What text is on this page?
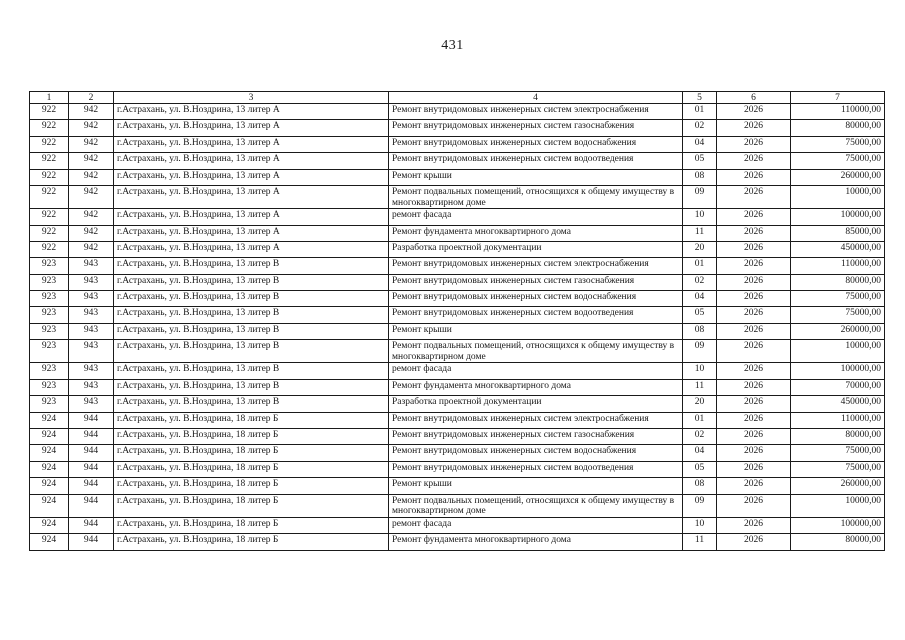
431
1	2	3	4	5	6	7
922	942	г.Астрахань, ул. В.Ноздрина, 13 литер А	Ремонт внутридомовых инженерных систем электроснабжения	01	2026	110000,00
922	942	г.Астрахань, ул. В.Ноздрина, 13 литер А	Ремонт внутридомовых инженерных систем газоснабжения	02	2026	80000,00
922	942	г.Астрахань, ул. В.Ноздрина, 13 литер А	Ремонт внутридомовых инженерных систем водоснабжения	04	2026	75000,00
922	942	г.Астрахань, ул. В.Ноздрина, 13 литер А	Ремонт внутридомовых инженерных систем водоотведения	05	2026	75000,00
922	942	г.Астрахань, ул. В.Ноздрина, 13 литер А	Ремонт крыши	08	2026	260000,00
922	942	г.Астрахань, ул. В.Ноздрина, 13 литер А	Ремонт подвальных помещений, относящихся к общему имуществу в многоквартирном доме	09	2026	10000,00
922	942	г.Астрахань, ул. В.Ноздрина, 13 литер А	ремонт фасада	10	2026	100000,00
922	942	г.Астрахань, ул. В.Ноздрина, 13 литер А	Ремонт фундамента многоквартирного дома	11	2026	85000,00
922	942	г.Астрахань, ул. В.Ноздрина, 13 литер А	Разработка проектной документации	20	2026	450000,00
923	943	г.Астрахань, ул. В.Ноздрина, 13 литер В	Ремонт внутридомовых инженерных систем электроснабжения	01	2026	110000,00
923	943	г.Астрахань, ул. В.Ноздрина, 13 литер В	Ремонт внутридомовых инженерных систем газоснабжения	02	2026	80000,00
923	943	г.Астрахань, ул. В.Ноздрина, 13 литер В	Ремонт внутридомовых инженерных систем водоснабжения	04	2026	75000,00
923	943	г.Астрахань, ул. В.Ноздрина, 13 литер В	Ремонт внутридомовых инженерных систем водоотведения	05	2026	75000,00
923	943	г.Астрахань, ул. В.Ноздрина, 13 литер В	Ремонт крыши	08	2026	260000,00
923	943	г.Астрахань, ул. В.Ноздрина, 13 литер В	Ремонт подвальных помещений, относящихся к общему имуществу в многоквартирном доме	09	2026	10000,00
923	943	г.Астрахань, ул. В.Ноздрина, 13 литер В	ремонт фасада	10	2026	100000,00
923	943	г.Астрахань, ул. В.Ноздрина, 13 литер В	Ремонт фундамента многоквартирного дома	11	2026	70000,00
923	943	г.Астрахань, ул. В.Ноздрина, 13 литер В	Разработка проектной документации	20	2026	450000,00
924	944	г.Астрахань, ул. В.Ноздрина, 18 литер Б	Ремонт внутридомовых инженерных систем электроснабжения	01	2026	110000,00
924	944	г.Астрахань, ул. В.Ноздрина, 18 литер Б	Ремонт внутридомовых инженерных систем газоснабжения	02	2026	80000,00
924	944	г.Астрахань, ул. В.Ноздрина, 18 литер Б	Ремонт внутридомовых инженерных систем водоснабжения	04	2026	75000,00
924	944	г.Астрахань, ул. В.Ноздрина, 18 литер Б	Ремонт внутридомовых инженерных систем водоотведения	05	2026	75000,00
924	944	г.Астрахань, ул. В.Ноздрина, 18 литер Б	Ремонт крыши	08	2026	260000,00
924	944	г.Астрахань, ул. В.Ноздрина, 18 литер Б	Ремонт подвальных помещений, относящихся к общему имуществу в многоквартирном доме	09	2026	10000,00
924	944	г.Астрахань, ул. В.Ноздрина, 18 литер Б	ремонт фасада	10	2026	100000,00
924	944	г.Астрахань, ул. В.Ноздрина, 18 литер Б	Ремонт фундамента многоквартирного дома	11	2026	80000,00
